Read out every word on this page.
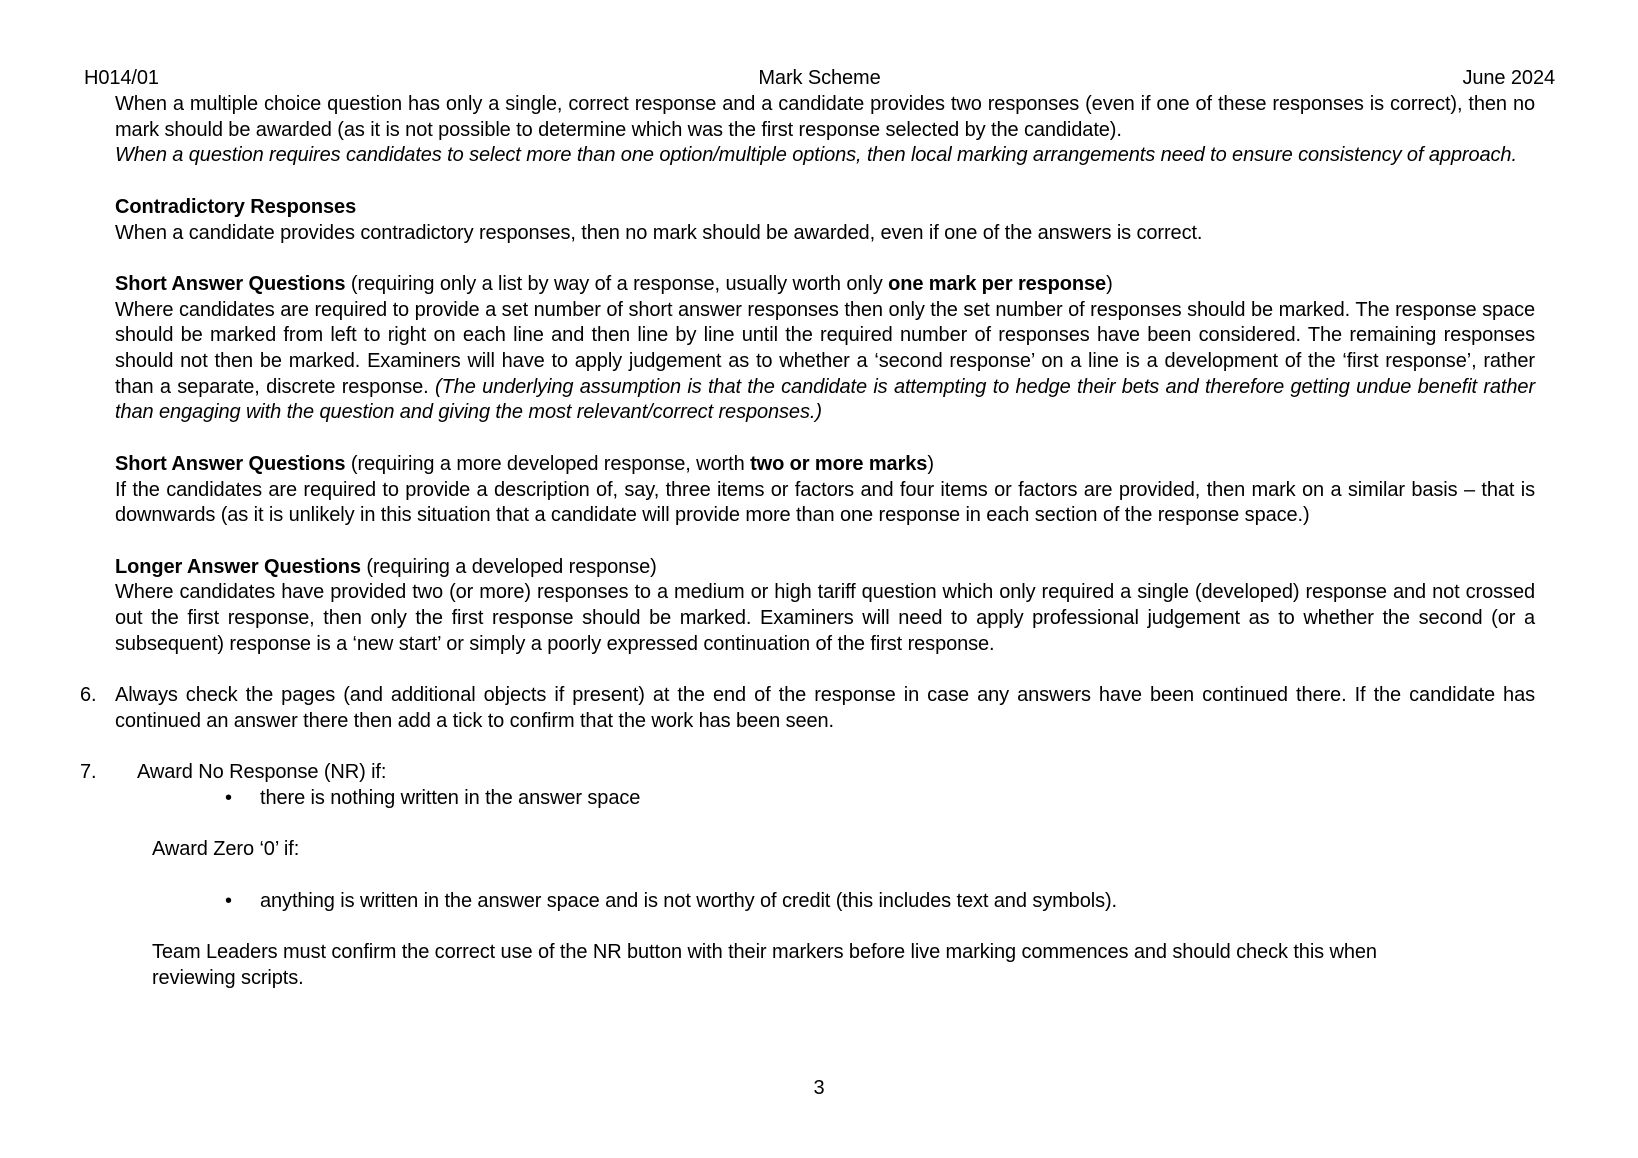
H014/01	Mark Scheme	June 2024

When a multiple choice question has only a single, correct response and a candidate provides two responses (even if one of these responses is correct), then no mark should be awarded (as it is not possible to determine which was the first response selected by the candidate).

When a question requires candidates to select more than one option/multiple options, then local marking arrangements need to ensure consistency of approach.

Contradictory Responses

When a candidate provides contradictory responses, then no mark should be awarded, even if one of the answers is correct.

Short Answer Questions (requiring only a list by way of a response, usually worth only one mark per response)

Where candidates are required to provide a set number of short answer responses then only the set number of responses should be marked. The response space should be marked from left to right on each line and then line by line until the required number of responses have been considered. The remaining responses should not then be marked. Examiners will have to apply judgement as to whether a ‘second response’ on a line is a development of the ‘first response’, rather than a separate, discrete response. (The underlying assumption is that the candidate is attempting to hedge their bets and therefore getting undue benefit rather than engaging with the question and giving the most relevant/correct responses.)

Short Answer Questions (requiring a more developed response, worth two or more marks)

If the candidates are required to provide a description of, say, three items or factors and four items or factors are provided, then mark on a similar basis – that is downwards (as it is unlikely in this situation that a candidate will provide more than one response in each section of the response space.)

Longer Answer Questions (requiring a developed response)

Where candidates have provided two (or more) responses to a medium or high tariff question which only required a single (developed) response and not crossed out the first response, then only the first response should be marked. Examiners will need to apply professional judgement as to whether the second (or a subsequent) response is a ‘new start’ or simply a poorly expressed continuation of the first response.

6. Always check the pages (and additional objects if present) at the end of the response in case any answers have been continued there. If the candidate has continued an answer there then add a tick to confirm that the work has been seen.

7. Award No Response (NR) if:

•	there is nothing written in the answer space

Award Zero ‘0’ if:

•	anything is written in the answer space and is not worthy of credit (this includes text and symbols).

Team Leaders must confirm the correct use of the NR button with their markers before live marking commences and should check this when reviewing scripts.

3
